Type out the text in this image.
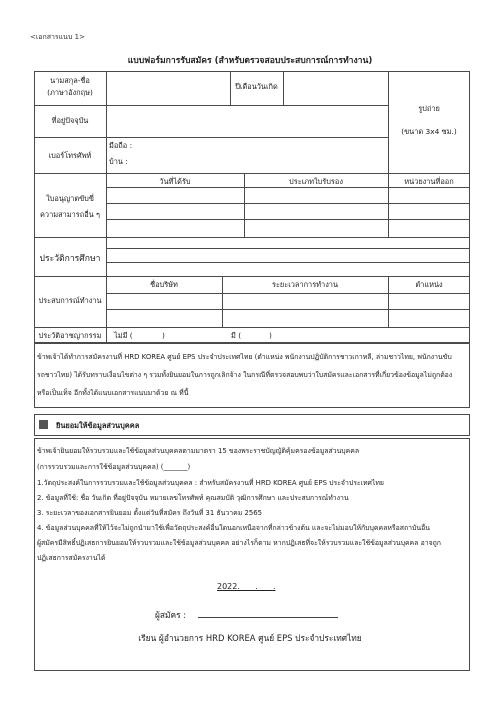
<เอกสารแนบ 1>
แบบฟอร์มการรับสมัคร (สำหรับตรวจสอบประสบการณ์การทำงาน)
นามสกุล-ชื่อ
(ภาษาอังกฤษ)
ปีเดือนวันเกิด
รูปถ่าย
(ขนาด 3x4 ซม.)
ที่อยู่ปัจจุบัน
เบอร์โทรศัพท์
มือถือ :
บ้าน :
ใบอนุญาตขับขี่
ความสามารถอื่น ๆ
วันที่ได้รับ	ประเภทใบรับรอง	หน่วยงานที่ออก
ประวัติการศึกษา
ประสบการณ์ทำงาน
ชื่อบริษัท	ระยะเวลาการทำงาน	ตำแหน่ง
ประวัติอาชญากรรม	ไม่มี (	)	มี (	)
ข้าพเจ้าได้ทำการสมัครงานที่ HRD KOREA ศูนย์ EPS ประจำประเทศไทย (ตำแหน่ง พนักงานปฏิบัติการชาวเกาหลี, ล่ามชาวไทย, พนักงานขับ
รถชาวไทย) ได้รับทราบเงื่อนไขต่าง ๆ รวมทั้งยินยอมในการถูกเลิกจ้าง ในกรณีที่ตรวจสอบพบว่าใบสมัครและเอกสารที่เกี่ยวข้องข้อมูลไม่ถูกต้อง
หรือเป็นเท็จ อีกทั้งได้แนบเอกสารแนบมาด้วย ณ ที่นี้
ยินยอมให้ข้อมูลส่วนบุคคล
ข้าพเจ้ายินยอมให้รวบรวมและใช้ข้อมูลส่วนบุคคลตามมาตรา 15 ของพระราชบัญญัติคุ้มครองข้อมูลส่วนบุคคล
(การรวบรวมและการใช้ข้อมูลส่วนบุคคล) (_______)
1.วัตถุประสงค์ในการรวบรวมและใช้ข้อมูลส่วนบุคคล : สำหรับสมัครงานที่ HRD KOREA ศูนย์ EPS ประจำประเทศไทย
2. ข้อมูลที่ใช้: ชื่อ วันเกิด ที่อยู่ปัจจุบัน หมายเลขโทรศัพท์ คุณสมบัติ วุฒิการศึกษา และประสบการณ์ทำงาน
3. ระยะเวลาของเอกสารยินยอม ตั้งแต่วันที่สมัคร ถึงวันที่ 31 ธันวาคม 2565
4. ข้อมูลส่วนบุคคลที่ให้ไว้จะไม่ถูกนำมาใช้เพื่อวัตถุประสงค์อื่นใดนอกเหนือจากที่กล่าวข้างต้น และจะไม่มอบให้กับบุคคลหรือสถาบันอื่น
ผู้สมัครมีสิทธิ์ปฏิเสธการยินยอมให้รวบรวมและใช้ข้อมูลส่วนบุคคล อย่างไรก็ตาม หากปฏิเสธที่จะให้รวบรวมและใช้ข้อมูลส่วนบุคคล อาจถูก
ปฏิเสธการสมัครงานได้
2022.      .      .
ผู้สมัคร :
เรียน ผู้อำนวยการ HRD KOREA ศูนย์ EPS ประจำประเทศไทย
